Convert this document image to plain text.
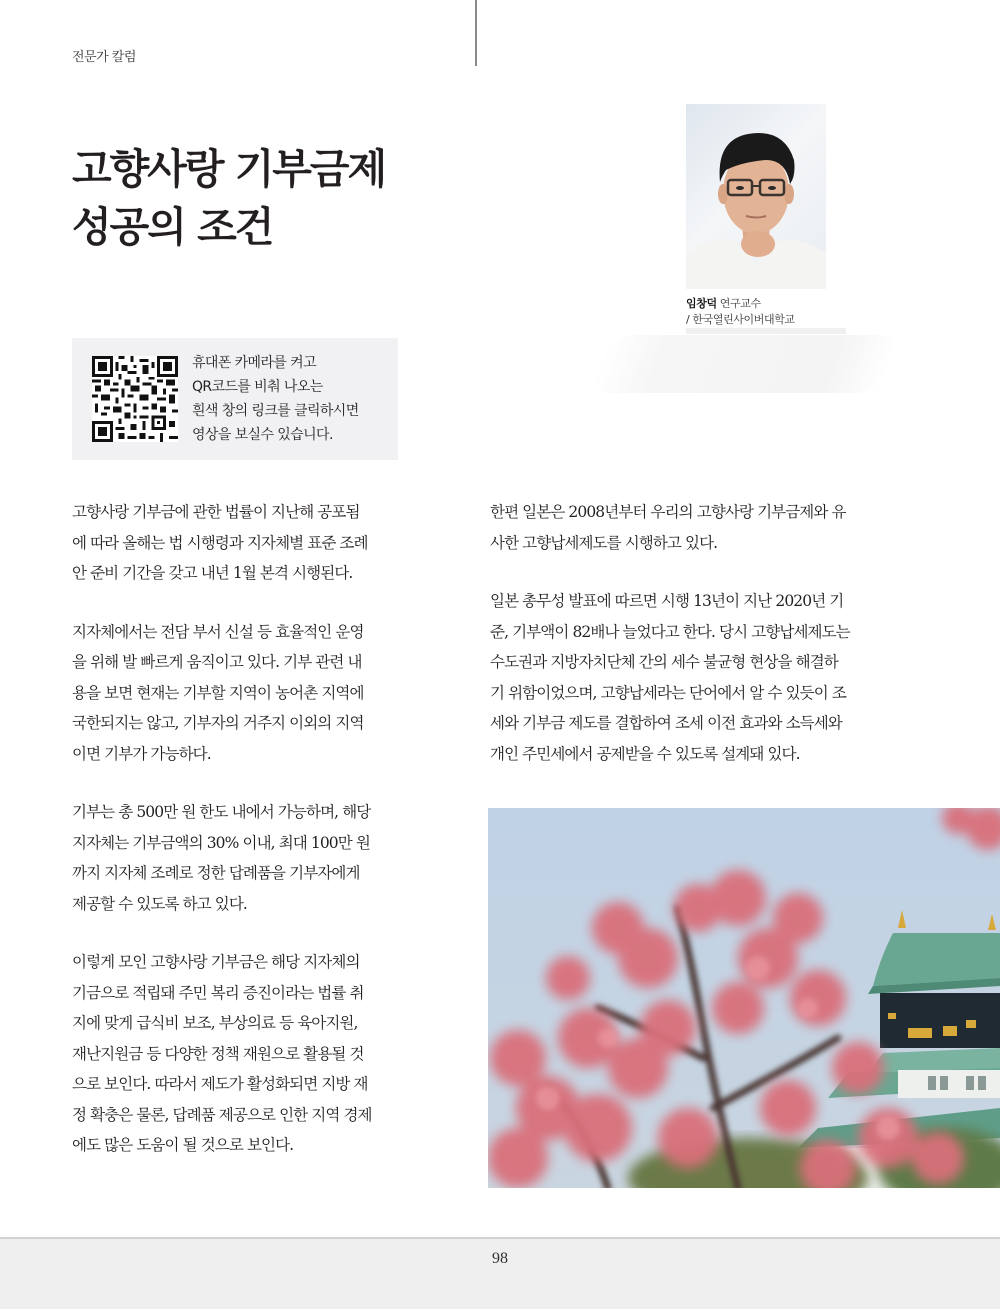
전문가 칼럼
고향사랑 기부금제
성공의 조건
임창덕 연구교수
/ 한국열린사이버대학교
휴대폰 카메라를 켜고
QR코드를 비춰 나오는
흰색 창의 링크를 클릭하시면
영상을 보실수 있습니다.

고향사랑 기부금에 관한 법률이 지난해 공포됨
에 따라 올해는 법 시행령과 지자체별 표준 조례
안 준비 기간을 갖고 내년 1월 본격 시행된다.

지자체에서는 전담 부서 신설 등 효율적인 운영
을 위해 발 빠르게 움직이고 있다. 기부 관련 내
용을 보면 현재는 기부할 지역이 농어촌 지역에
국한되지는 않고, 기부자의 거주지 이외의 지역
이면 기부가 가능하다.

기부는 총 500만 원 한도 내에서 가능하며, 해당
지자체는 기부금액의 30% 이내, 최대 100만 원
까지 지자체 조례로 정한 답례품을 기부자에게
제공할 수 있도록 하고 있다.

이렇게 모인 고향사랑 기부금은 해당 지자체의
기금으로 적립돼 주민 복리 증진이라는 법률 취
지에 맞게 급식비 보조, 부상의료 등 육아지원,
재난지원금 등 다양한 정책 재원으로 활용될 것
으로 보인다. 따라서 제도가 활성화되면 지방 재
정 확충은 물론, 답례품 제공으로 인한 지역 경제
에도 많은 도움이 될 것으로 보인다.

한편 일본은 2008년부터 우리의 고향사랑 기부금제와 유
사한 고향납세제도를 시행하고 있다.

일본 총무성 발표에 따르면 시행 13년이 지난 2020년 기
준, 기부액이 82배나 늘었다고 한다. 당시 고향납세제도는
수도권과 지방자치단체 간의 세수 불균형 현상을 해결하
기 위함이었으며, 고향납세라는 단어에서 알 수 있듯이 조
세와 기부금 제도를 결합하여 조세 이전 효과와 소득세와
개인 주민세에서 공제받을 수 있도록 설계돼 있다.

98
